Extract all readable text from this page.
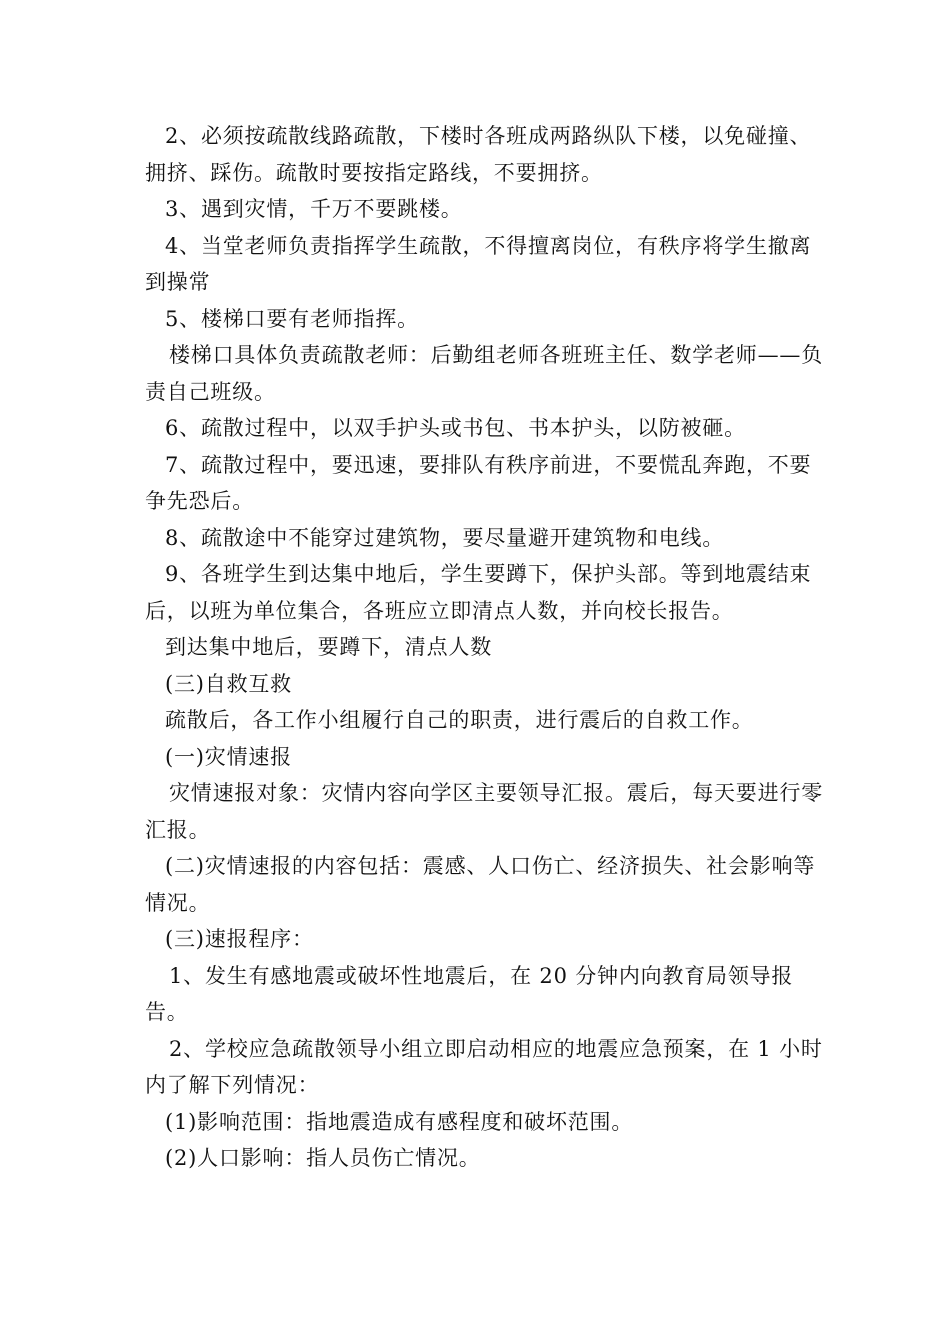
2、必须按疏散线路疏散，下楼时各班成两路纵队下楼，以免碰撞、拥挤、踩伤。疏散时要按指定路线，不要拥挤。

3、遇到灾情，千万不要跳楼。

4、当堂老师负责指挥学生疏散，不得擅离岗位，有秩序将学生撤离到操常

5、楼梯口要有老师指挥。

楼梯口具体负责疏散老师：后勤组老师各班班主任、数学老师——负责自己班级。

6、疏散过程中，以双手护头或书包、书本护头，以防被砸。

7、疏散过程中，要迅速，要排队有秩序前进，不要慌乱奔跑，不要争先恐后。

8、疏散途中不能穿过建筑物，要尽量避开建筑物和电线。

9、各班学生到达集中地后，学生要蹲下，保护头部。等到地震结束后，以班为单位集合，各班应立即清点人数，并向校长报告。

到达集中地后，要蹲下，清点人数

(三)自救互救

疏散后，各工作小组履行自己的职责，进行震后的自救工作。

(一)灾情速报

灾情速报对象：灾情内容向学区主要领导汇报。震后，每天要进行零汇报。

(二)灾情速报的内容包括：震感、人口伤亡、经济损失、社会影响等情况。

(三)速报程序：

1、发生有感地震或破坏性地震后，在 20 分钟内向教育局领导报告。

2、学校应急疏散领导小组立即启动相应的地震应急预案，在 1 小时内了解下列情况：

(1)影响范围：指地震造成有感程度和破坏范围。

(2)人口影响：指人员伤亡情况。
